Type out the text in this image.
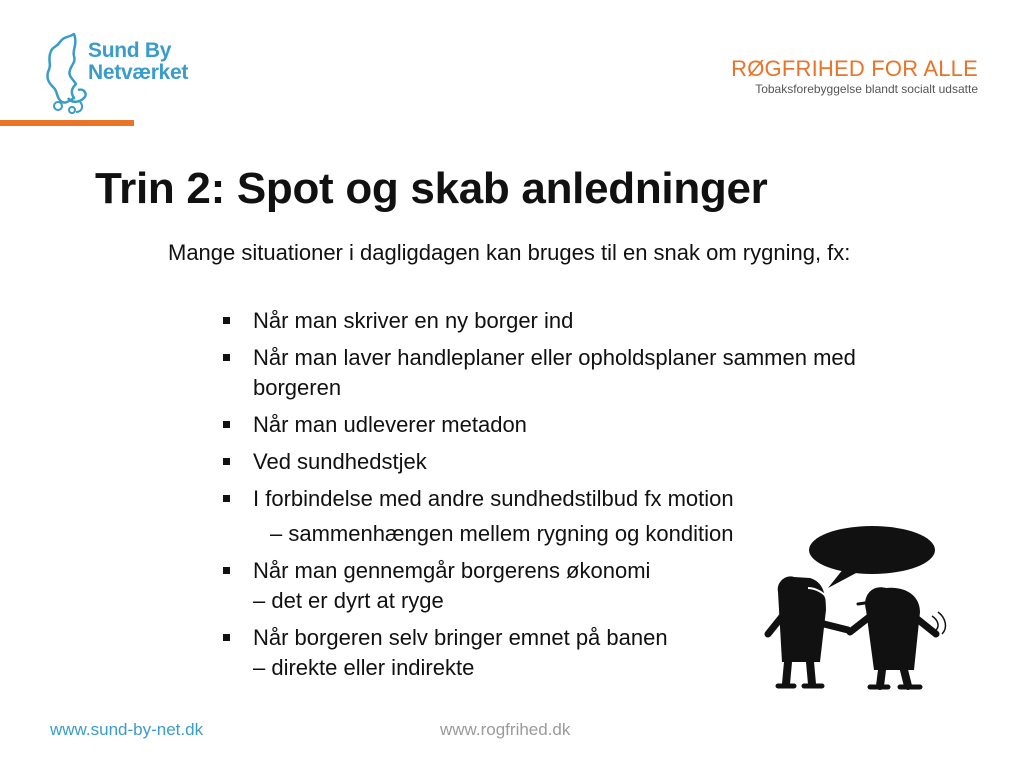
Sund By
Netværket	RØGFRIHED FOR ALLE
Tobaksforebyggelse blandt socialt udsatte
Trin 2: Spot og skab anledninger
Mange situationer i dagligdagen kan bruges til en snak om rygning, fx:
Når man skriver en ny borger ind
Når man laver handleplaner eller opholdsplaner sammen med borgeren
Når man udleverer metadon
Ved sundhedstjek
I forbindelse med andre sundhedstilbud fx motion
– sammenhængen mellem rygning og kondition
Når man gennemgår borgerens økonomi
– det er dyrt at ryge
Når borgeren selv bringer emnet på banen – direkte eller indirekte
www.sund-by-net.dk	www.rogfrihed.dk
